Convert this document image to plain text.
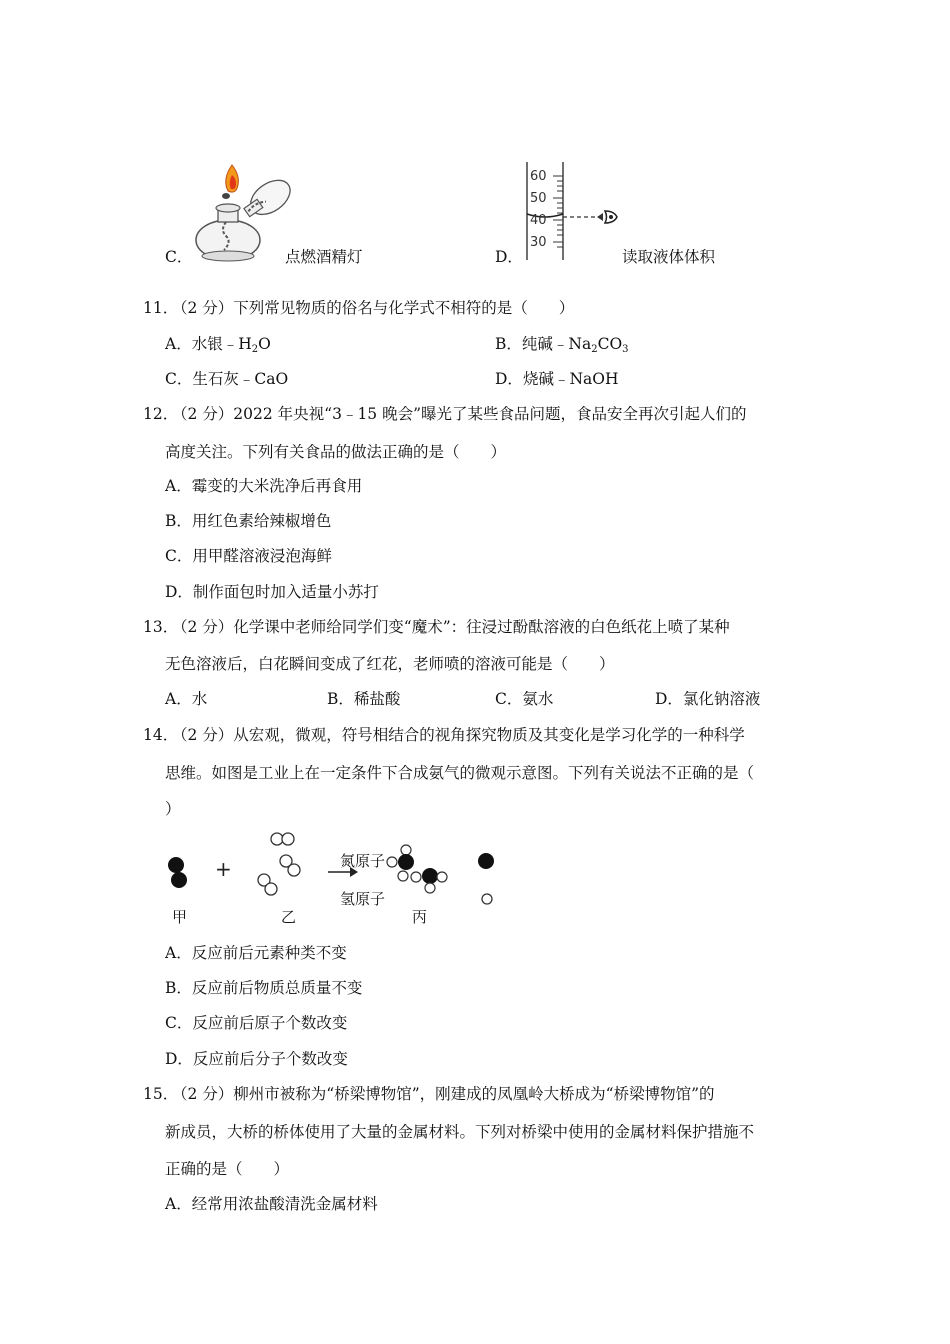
C．	点燃酒精灯	D．
60
50
40
30
读取液体体积
11．
（2 分）下列常见物质的俗名与化学式不相符的是（　　）
A．水银$﹣H_2O$	B．纯碱$﹣Na_2CO_3$
C．生石灰﹣CaO	D．烧碱﹣NaOH
12．
（2 分）2022 年央视“3﹣15 晚会”曝光了某些食品问题，食品安全再次引起人们的
高度关注。下列有关食品的做法正确的是（　　）
A．霉变的大米洗净后再食用
B．用红色素给辣椒增色
C．用甲醛溶液浸泡海鲜
D．制作面包时加入适量小苏打
13．
（2 分）化学课中老师给同学们变“魔术”：往浸过酚酞溶液的白色纸花上喷了某种
无色溶液后，白花瞬间变成了红花，老师喷的溶液可能是（　　）
A．水	B．稀盐酸	C．氨水	D．氯化钠溶液
14．
（2 分）从宏观，微观，符号相结合的视角探究物质及其变化是学习化学的一种科学
思维。如图是工业上在一定条件下合成氨气的微观示意图。下列有关说法不正确的是（
）
+	氮原子
氢原子
甲	乙	丙
A．反应前后元素种类不变
B．反应前后物质总质量不变
C．反应前后原子个数改变
D．反应前后分子个数改变
15．
（2 分）柳州市被称为“桥梁博物馆”，刚建成的凤凰岭大桥成为“桥梁博物馆”的
新成员，大桥的桥体使用了大量的金属材料。下列对桥梁中使用的金属材料保护措施不
正确的是（　　）
A．经常用浓盐酸清洗金属材料
